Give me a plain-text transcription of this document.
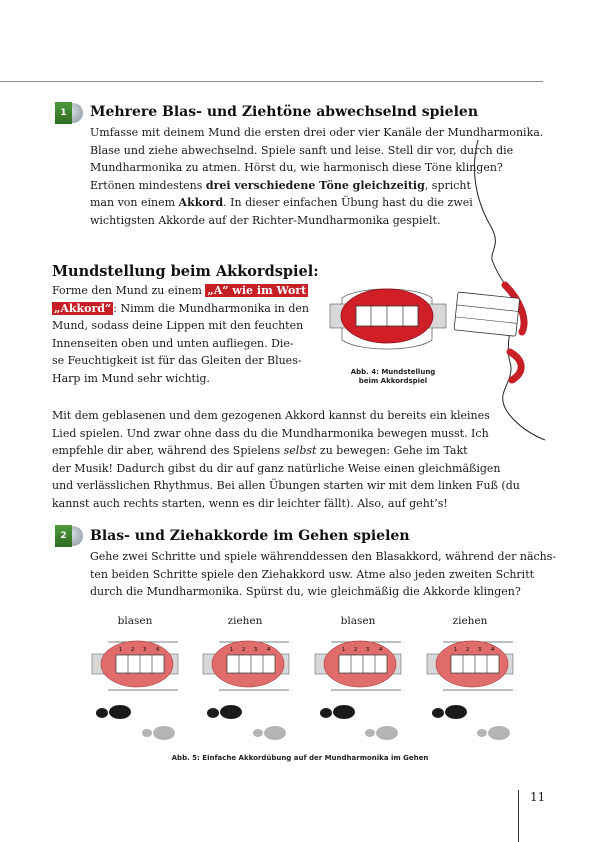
1	Mehrere Blas- und Ziehtöne abwechselnd spielen
Umfasse mit deinem Mund die ersten drei oder vier Kanäle der Mundharmonika.
Blase und ziehe abwechselnd. Spiele sanft und leise. Stell dir vor, durch die
Mundharmonika zu atmen. Hörst du, wie harmonisch diese Töne klingen?
Ertönen mindestens drei verschiedene Töne gleichzeitig, spricht
man von einem Akkord. In dieser einfachen Übung hast du die zwei
wichtigsten Akkorde auf der Richter-Mundharmonika gespielt.
Mundstellung beim Akkordspiel:
Forme den Mund zu einem „A“ wie im Wort
„Akkord“ : Nimm die Mundharmonika in den
Mund, sodass deine Lippen mit den feuchten
Innenseiten oben und unten aufliegen. Die-
se Feuchtigkeit ist für das Gleiten der Blues-
Harp im Mund sehr wichtig.	Abb. 4: Mundstellung
beim Akkordspiel
Mit dem geblasenen und dem gezogenen Akkord kannst du bereits ein kleines
Lied spielen. Und zwar ohne dass du die Mundharmonika bewegen musst. Ich
empfehle dir aber, während des Spielens selbst zu bewegen: Gehe im Takt
der Musik! Dadurch gibst du dir auf ganz natürliche Weise einen gleichmäßigen
und verlässlichen Rhythmus. Bei allen Übungen starten wir mit dem linken Fuß (du
kannst auch rechts starten, wenn es dir leichter fällt). Also, auf geht’s!
2	Blas- und Ziehakkorde im Gehen spielen
Gehe zwei Schritte und spiele währenddessen den Blasakkord, während der nächs-
ten beiden Schritte spiele den Ziehakkord usw. Atme also jeden zweiten Schritt
durch die Mundharmonika. Spürst du, wie gleichmäßig die Akkorde klingen?
blasen	ziehen	blasen	ziehen
1 2 3 4	1 2 3 4	1 2 3 4	1 2 3 4
Abb. 5: Einfache Akkordübung auf der Mundharmonika im Gehen
11
